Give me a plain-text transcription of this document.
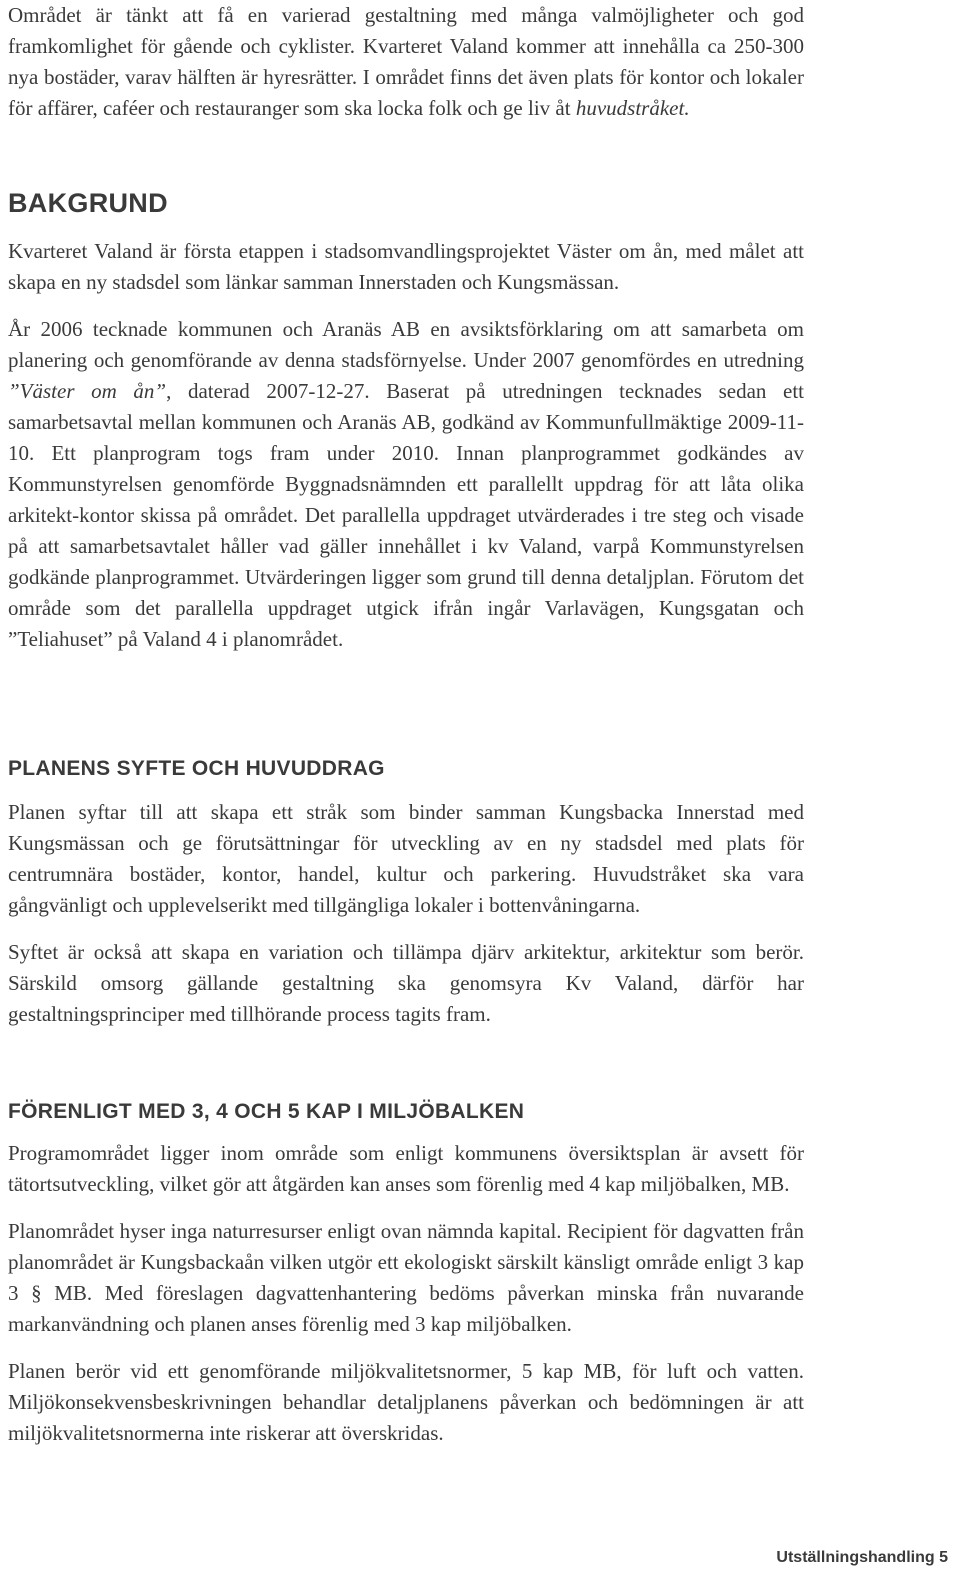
Området är tänkt att få en varierad gestaltning med många valmöjligheter och god framkomlighet för gående och cyklister. Kvarteret Valand kommer att innehålla ca 250-300 nya bostäder, varav hälften är hyresrätter. I området finns det även plats för kontor och lokaler för affärer, caféer och restauranger som ska locka folk och ge liv åt huvudstråket.

BAKGRUND

Kvarteret Valand är första etappen i stadsomvandlingsprojektet Väster om ån, med målet att skapa en ny stadsdel som länkar samman Innerstaden och Kungsmässan.

År 2006 tecknade kommunen och Aranäs AB en avsiktsförklaring om att samarbeta om planering och genomförande av denna stadsförnyelse. Under 2007 genomfördes en utredning ”Väster om ån”, daterad 2007-12-27. Baserat på utredningen tecknades sedan ett samarbetsavtal mellan kommunen och Aranäs AB, godkänd av Kommunfullmäktige 2009-11-10. Ett planprogram togs fram under 2010. Innan planprogrammet godkändes av Kommunstyrelsen genomförde Byggnadsnämnden ett parallellt uppdrag för att låta olika arkitekt-kontor skissa på området. Det parallella uppdraget utvärderades i tre steg och visade på att samarbetsavtalet håller vad gäller innehållet i kv Valand, varpå Kommunstyrelsen godkände planprogrammet. Utvärderingen ligger som grund till denna detaljplan. Förutom det område som det parallella uppdraget utgick ifrån ingår Varlavägen, Kungsgatan och ”Teliahuset” på Valand 4 i planområdet.

PLANENS SYFTE OCH HUVUDDRAG

Planen syftar till att skapa ett stråk som binder samman Kungsbacka Innerstad med Kungsmässan och ge förutsättningar för utveckling av en ny stadsdel med plats för centrumnära bostäder, kontor, handel, kultur och parkering. Huvudstråket ska vara gångvänligt och upplevelserikt med tillgängliga lokaler i bottenvåningarna.

Syftet är också att skapa en variation och tillämpa djärv arkitektur, arkitektur som berör. Särskild omsorg gällande gestaltning ska genomsyra Kv Valand, därför har gestaltningsprinciper med tillhörande process tagits fram.

FÖRENLIGT MED 3, 4 OCH 5 KAP I MILJÖBALKEN

Programområdet ligger inom område som enligt kommunens översiktsplan är avsett för tätortsutveckling, vilket gör att åtgärden kan anses som förenlig med 4 kap miljöbalken, MB.

Planområdet hyser inga naturresurser enligt ovan nämnda kapital. Recipient för dagvatten från planområdet är Kungsbackaån vilken utgör ett ekologiskt särskilt känsligt område enligt 3 kap 3 § MB. Med föreslagen dagvattenhantering bedöms påverkan minska från nuvarande markanvändning och planen anses förenlig med 3 kap miljöbalken.

Planen berör vid ett genomförande miljökvalitetsnormer, 5 kap MB, för luft och vatten. Miljökonsekvensbeskrivningen behandlar detaljplanens påverkan och bedömningen är att miljökvalitetsnormerna inte riskerar att överskridas.

Utställningshandling 5
